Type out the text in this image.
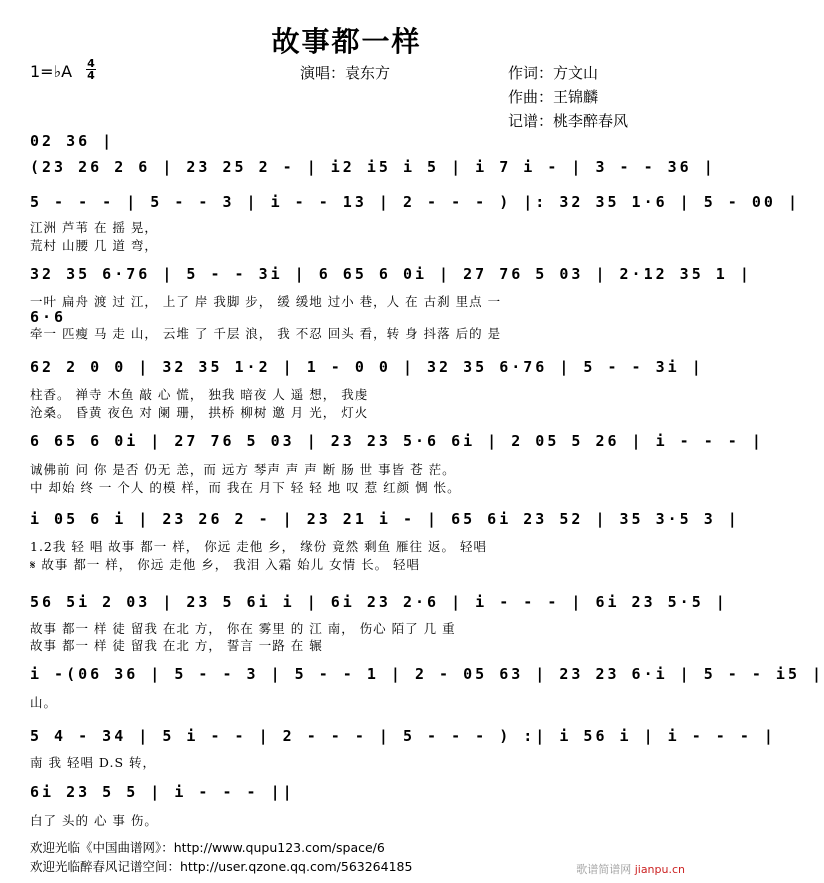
故事都一样
1=♭A 4
4	演唱：袁东方	作词：方文山
作曲：王锦麟
记谱：桃李醉春风
02 36 |
(23 26 2 6 | 23 25 2 - | i2 i5 i 5 | i 7 i - | 3 - - 36 |
5 - - - | 5 - - 3 | i - - 13 | 2 - - - ) |: 32 35 1·6 | 5 - 00 |
江洲 芦苇 在 摇 晃，
荒村 山腰 几 道 弯，
32 35 6·76 | 5 - - 3i | 6 65 6 0i | 27 76 5 03 | 2·12 35 1 |
一叶 扁舟 渡 过 江， 上了 岸 我脚 步， 缓 缓地 过小 巷，人 在 古刹 里点 一
6·6
牵一 匹瘦 马 走 山， 云堆 了 千层 浪， 我 不忍 回头 看，转 身 抖落 后的 是
62 2 0 0 | 32 35 1·2 | 1 - 0 0 | 32 35 6·76 | 5 - - 3i |
柱香。 禅寺 木鱼 敲 心 慌， 独我 暗夜 人 遥 想， 我虔
沧桑。 昏黄 夜色 对 阑 珊， 拱桥 柳树 邀 月 光， 灯火
6 65 6 0i | 27 76 5 03 | 23 23 5·6 6i | 2 05 5 26 | i - - - |
诚佛前 问 你 是否 仍无 恙，而 远方 琴声 声 声 断 肠 世 事皆 苍 茫。
中 却始 终 一 个人 的模 样，而 我在 月下 轻 轻 地 叹 惹 红颜 惆 怅。
i 05 6 i | 23 26 2 - | 23 21 i - | 65 6i 23 52 | 35 3·5 3 |
1.2我 轻 唱 故事 都一 样， 你远 走他 乡， 缘份 竟然 剩鱼 雁往 返。 轻唱
𝄋 故事 都一 样， 你远 走他 乡， 我泪 入霜 始儿 女情 长。 轻唱
56 5i 2 03 | 23 5 6i i | 6i 23 2·6 | i - - - | 6i 23 5·5 |
故事 都一 样 徒 留我 在北 方， 你在 雾里 的 江 南， 伤心 陌了 几 重
故事 都一 样 徒 留我 在北 方， 誓言 一路 在 辗
i -(06 36 | 5 - - 3 | 5 - - 1 | 2 - 05 63 | 23 23 6·i | 5 - - i5 |
山。
5 4 - 34 | 5 i - - | 2 - - - | 5 - - - ) :| i 56 i | i - - - |
南 我 轻唱 D.S 转，
6i 23 5 5 | i - - - ||
白了 头的 心 事 伤。
欢迎光临《中国曲谱网》：http://www.qupu123.com/space/6
欢迎光临醉春风记谱空间：http://user.qzone.qq.com/563264185	歌谱简谱网 jianpu.cn
